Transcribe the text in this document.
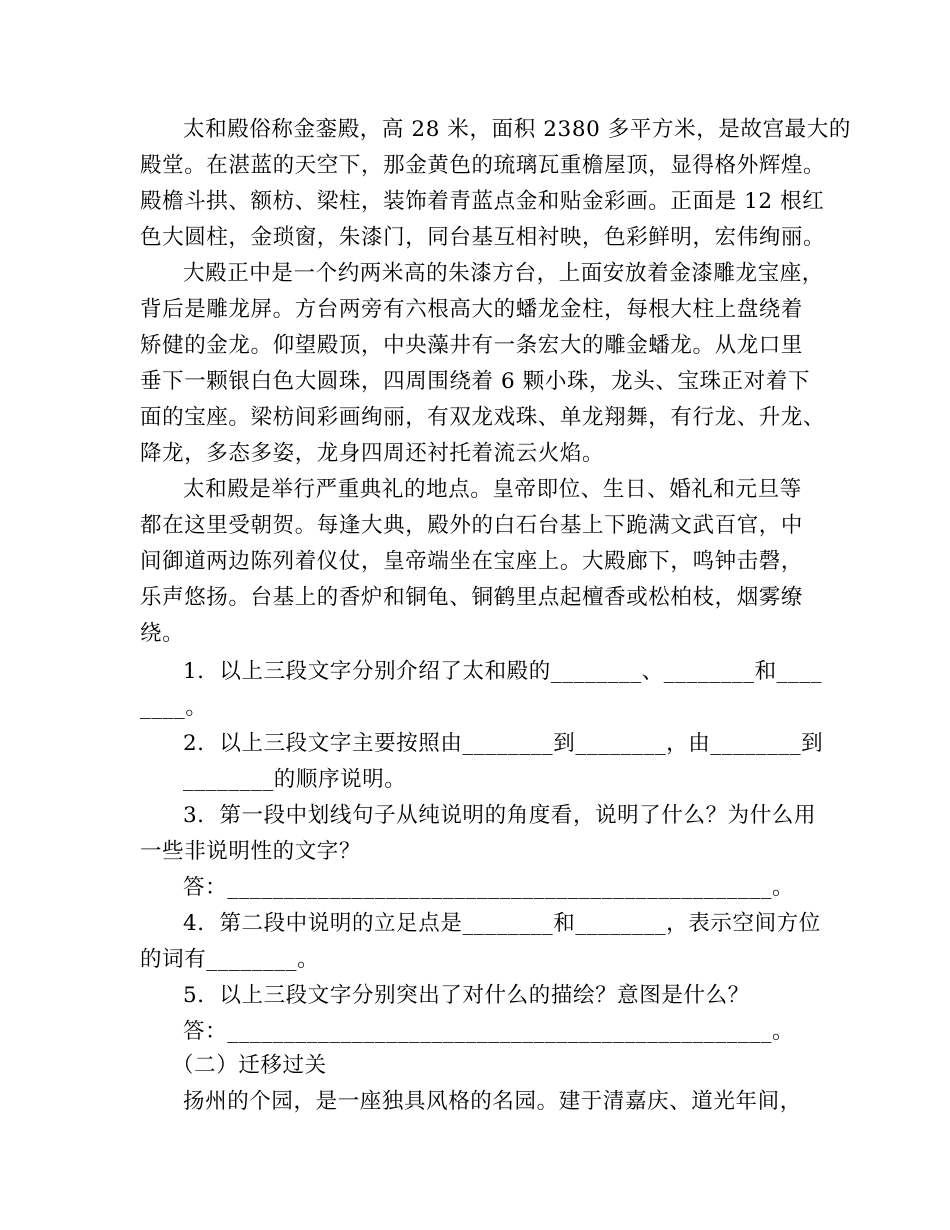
太和殿俗称金銮殿，高 28 米，面积 2380 多平方米，是故宫最大的
殿堂。在湛蓝的天空下，那金黄色的琉璃瓦重檐屋顶，显得格外辉煌。
殿檐斗拱、额枋、梁柱，装饰着青蓝点金和贴金彩画。正面是 12 根红
色大圆柱，金琐窗，朱漆门，同台基互相衬映，色彩鲜明，宏伟绚丽。
大殿正中是一个约两米高的朱漆方台，上面安放着金漆雕龙宝座，
背后是雕龙屏。方台两旁有六根高大的蟠龙金柱，每根大柱上盘绕着
矫健的金龙。仰望殿顶，中央藻井有一条宏大的雕金蟠龙。从龙口里
垂下一颗银白色大圆珠，四周围绕着 6 颗小珠，龙头、宝珠正对着下
面的宝座。梁枋间彩画绚丽，有双龙戏珠、单龙翔舞，有行龙、升龙、
降龙，多态多姿，龙身四周还衬托着流云火焰。
太和殿是举行严重典礼的地点。皇帝即位、生日、婚礼和元旦等
都在这里受朝贺。每逢大典，殿外的白石台基上下跪满文武百官，中
间御道两边陈列着仪仗，皇帝端坐在宝座上。大殿廊下，鸣钟击磬，
乐声悠扬。台基上的香炉和铜龟、铜鹤里点起檀香或松柏枝，烟雾缭
绕。
1．以上三段文字分别介绍了太和殿的________、________和____
____。
2．以上三段文字主要按照由________到________，由________到
________的顺序说明。
3．第一段中划线句子从纯说明的角度看，说明了什么？为什么用
一些非说明性的文字？
答：________________________________________________。
4．第二段中说明的立足点是________和________，表示空间方位
的词有________。
5．以上三段文字分别突出了对什么的描绘？意图是什么？
答：________________________________________________。
（二）迁移过关
扬州的个园，是一座独具风格的名园。建于清嘉庆、道光年间，
